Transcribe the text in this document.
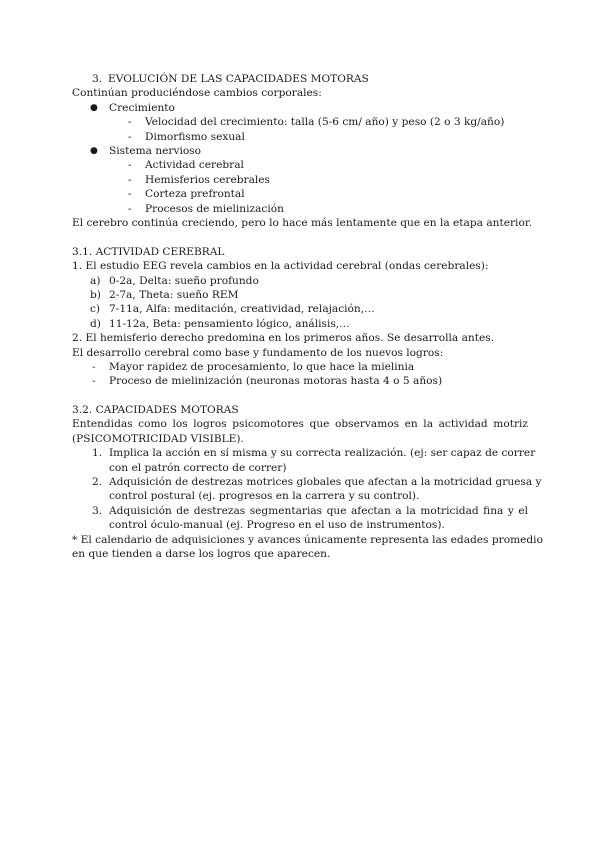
3. EVOLUCIÓN DE LAS CAPACIDADES MOTORAS
Continúan produciéndose cambios corporales:
● Crecimiento
- Velocidad del crecimiento: talla (5-6 cm/ año) y peso (2 o 3 kg/año)
- Dimorfismo sexual
● Sistema nervioso
- Actividad cerebral
- Hemisferios cerebrales
- Corteza prefrontal
- Procesos de mielinización
El cerebro continúa creciendo, pero lo hace más lentamente que en la etapa anterior.
3.1. ACTIVIDAD CEREBRAL
1. El estudio EEG revela cambios en la actividad cerebral (ondas cerebrales):
a) 0-2a, Delta: sueño profundo
b) 2-7a, Theta: sueño REM
c) 7-11a, Alfa: meditación, creatividad, relajación,…
d) 11-12a, Beta: pensamiento lógico, análisis,…
2. El hemisferio derecho predomina en los primeros años. Se desarrolla antes.
El desarrollo cerebral como base y fundamento de los nuevos logros:
- Mayor rapidez de procesamiento, lo que hace la mielinia
- Proceso de mielinización (neuronas motoras hasta 4 o 5 años)
3.2. CAPACIDADES MOTORAS
Entendidas como los logros psicomotores que observamos en la actividad motriz
(PSICOMOTRICIDAD VISIBLE).
1. Implica la acción en sí misma y su correcta realización. (ej: ser capaz de correr
con el patrón correcto de correr)
2. Adquisición de destrezas motrices globales que afectan a la motricidad gruesa y
control postural (ej. progresos en la carrera y su control).
3. Adquisición de destrezas segmentarias que afectan a la motricidad fina y el
control óculo-manual (ej. Progreso en el uso de instrumentos).
* El calendario de adquisiciones y avances únicamente representa las edades promedio
en que tienden a darse los logros que aparecen.
